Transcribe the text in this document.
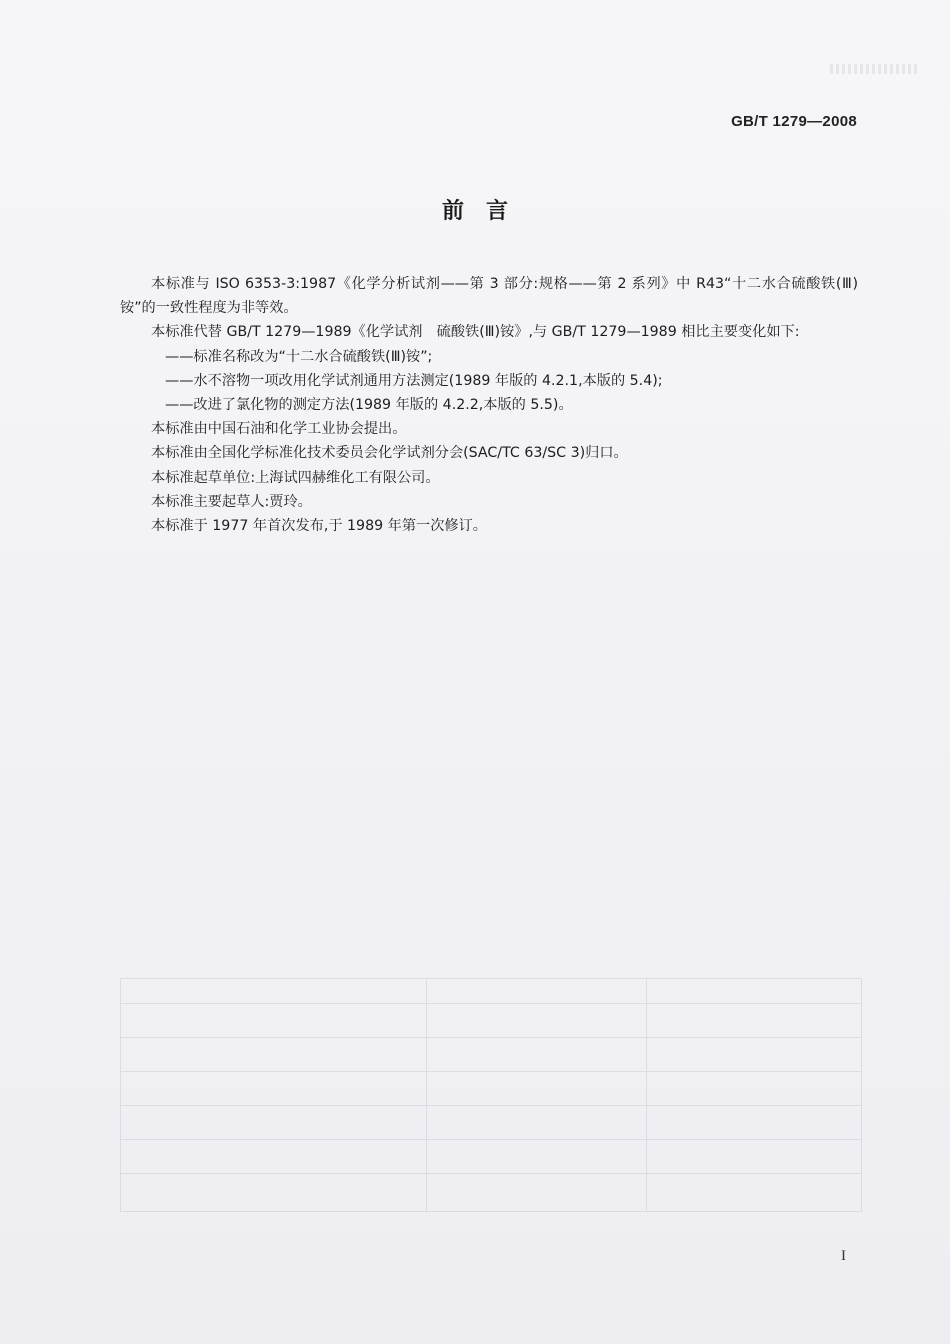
GB/T 1279—2008
前言

本标准与 ISO 6353-3:1987《化学分析试剂——第 3 部分:规格——第 2 系列》中 R43“十二水合硫酸铁(Ⅲ)铵”的一致性程度为非等效。

本标准代替 GB/T 1279—1989《化学试剂　硫酸铁(Ⅲ)铵》,与 GB/T 1279—1989 相比主要变化如下:

——标准名称改为“十二水合硫酸铁(Ⅲ)铵”;

——水不溶物一项改用化学试剂通用方法测定(1989 年版的 4.2.1,本版的 5.4);

——改进了氯化物的测定方法(1989 年版的 4.2.2,本版的 5.5)。

本标准由中国石油和化学工业协会提出。

本标准由全国化学标准化技术委员会化学试剂分会(SAC/TC 63/SC 3)归口。

本标准起草单位:上海试四赫维化工有限公司。

本标准主要起草人:贾玲。

本标准于 1977 年首次发布,于 1989 年第一次修订。

I
